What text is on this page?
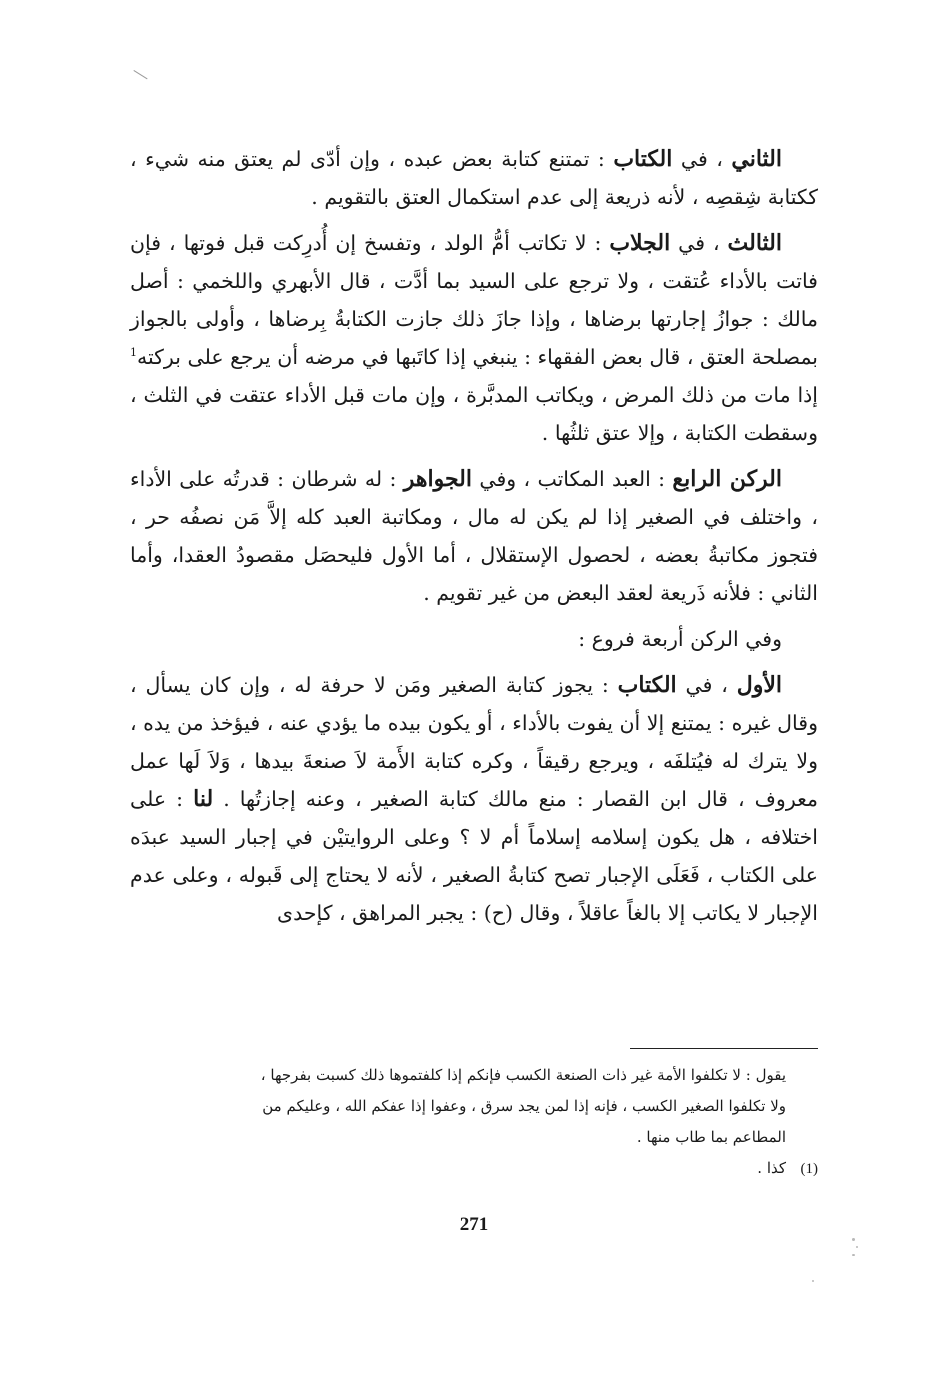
الثاني ، في الكتاب : تمتنع كتابة بعض عبده ، وإن أدّى لم يعتق منه شيء ، ككتابة شِقصِه ، لأنه ذريعة إلى عدم استكمال العتق بالتقويم .

الثالث ، في الجلاب : لا تكاتب أمُّ الولد ، وتفسخ إن أُدرِكت قبل فوتها ، فإن فاتت بالأداء عُتقت ، ولا ترجع على السيد بما أدَّت ، قال الأبهري واللخمي : أصل مالك : جوازُ إجارتها برضاها ، وإذا جازَ ذلك جازت الكتابةُ بِرضاها ، وأولى بالجواز بمصلحة العتق ، قال بعض الفقهاء : ينبغي إذا كاتَبها في مرضه أن يرجع على بركته$^1$ إذا مات من ذلك المرض ، ويكاتب المدبَّرة ، وإن مات قبل الأداء عتقت في الثلث ، وسقطت الكتابة ، وإلا عتق ثلثُها .

الركن الرابع : العبد المكاتب ، وفي الجواهر : له شرطان : قدرتُه على الأداء ، واختلف في الصغير إذا لم يكن له مال ، ومكاتبة العبد كله إلاَّ مَن نصفُه حر ، فتجوز مكاتبةُ بعضه ، لحصول الإستقلال ، أما الأول فليحصَل مقصودُ العقدا، وأما الثاني : فلأنه ذَريعة لعقد البعض من غير تقويم .

وفي الركن أربعة فروع :

الأول ، في الكتاب : يجوز كتابة الصغير ومَن لا حرفة له ، وإن كان يسأل ، وقال غيره : يمتنع إلا أن يفوت بالأداء ، أو يكون بيده ما يؤدي عنه ، فيؤخذ من يده ، ولا يترك له فيُتلفَه ، ويرجع رقيقاً ، وكره كتابة الأَمة لاَ صنعةَ بيدها ، وَلاَ لَها عمل معروف ، قال ابن القصار : منع مالك كتابة الصغير ، وعنه إجازتُها . لنا : على اختلافه ، هل يكون إسلامه إسلاماً أم لا ؟ وعلى الروايتيْن في إجبار السيد عبدَه على الكتاب ، فَعَلَى الإجبار تصح كتابةُ الصغير ، لأنه لا يحتاج إلى قَبوله ، وعلى عدم الإجبار لا يكاتب إلا بالغاً عاقلاً ، وقال (ح) : يجبر المراهق ، كإحدى

يقول : لا تكلفوا الأمة غير ذات الصنعة الكسب فإنكم إذا كلفتموها ذلك كسبت بفرجها ،

ولا تكلفوا الصغير الكسب ، فإنه إذا لمن يجد سرق ، وعفوا إذا عفكم الله ، وعليكم من

المطاعم بما طاب منها .

(1)كذا .

271
